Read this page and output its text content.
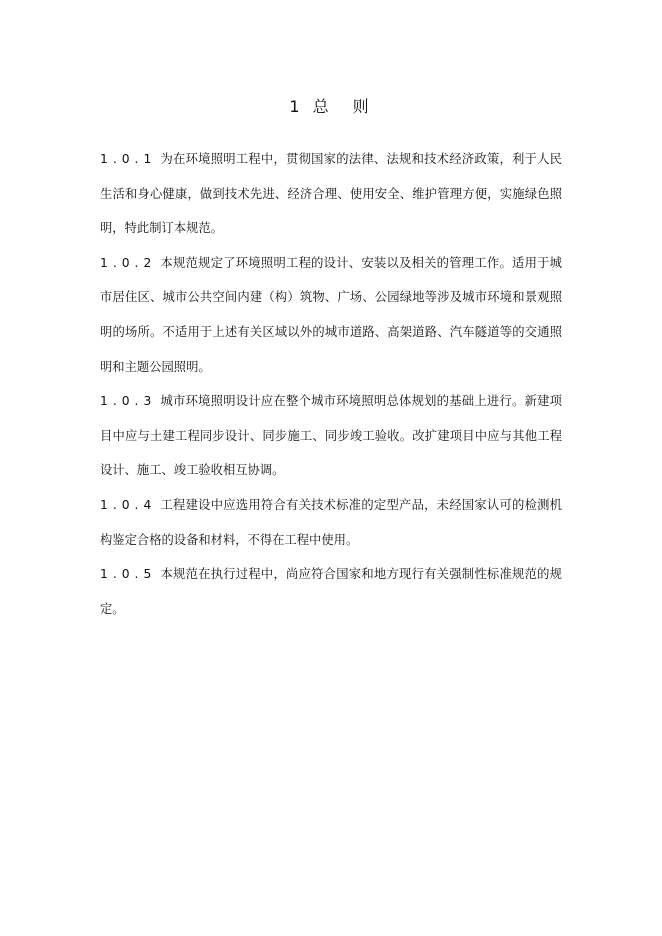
1 总　则

1.0.1 为在环境照明工程中，贯彻国家的法律、法规和技术经济政策，利于人民生活和身心健康，做到技术先进、经济合理、使用安全、维护管理方便，实施绿色照明，特此制订本规范。

1.0.2 本规范规定了环境照明工程的设计、安装以及相关的管理工作。适用于城市居住区、城市公共空间内建（构）筑物、广场、公园绿地等涉及城市环境和景观照明的场所。不适用于上述有关区域以外的城市道路、高架道路、汽车隧道等的交通照明和主题公园照明。

1.0.3 城市环境照明设计应在整个城市环境照明总体规划的基础上进行。新建项目中应与土建工程同步设计、同步施工、同步竣工验收。改扩建项目中应与其他工程设计、施工、竣工验收相互协调。

1.0.4 工程建设中应选用符合有关技术标准的定型产品，未经国家认可的检测机构鉴定合格的设备和材料，不得在工程中使用。

1.0.5 本规范在执行过程中，尚应符合国家和地方现行有关强制性标准规范的规定。
